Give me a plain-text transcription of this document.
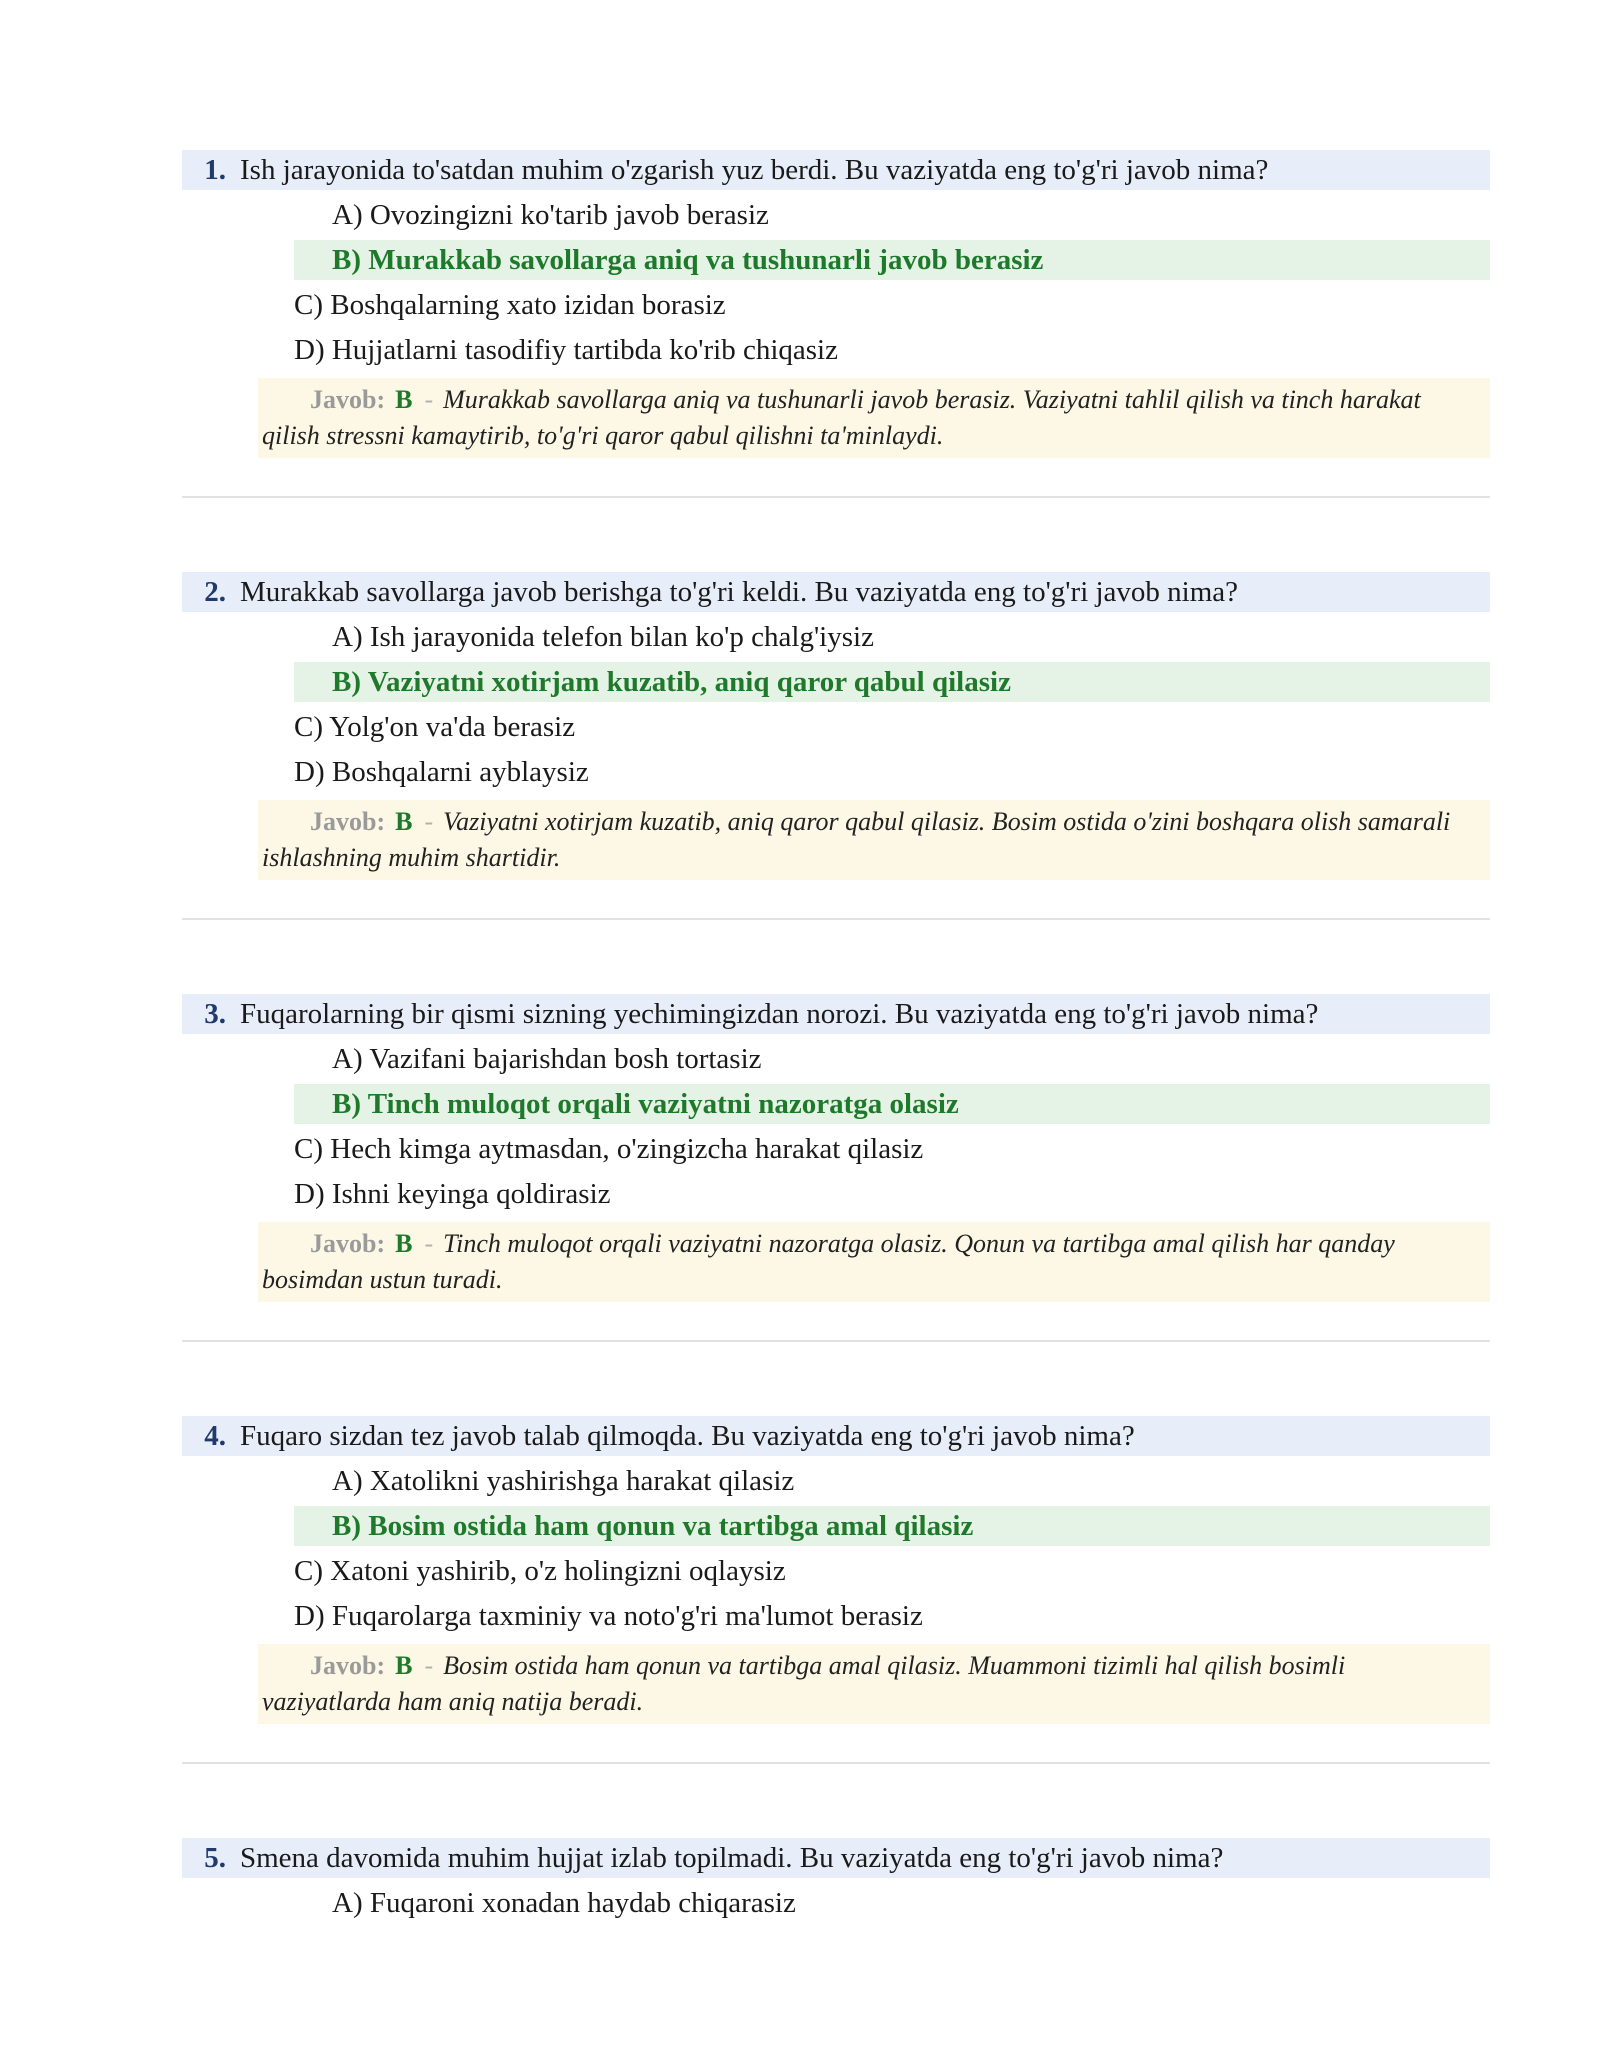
1. Ish jarayonida to'satdan muhim o'zgarish yuz berdi. Bu vaziyatda eng to'g'ri javob nima?
A) Ovozingizni ko'tarib javob berasiz
B) Murakkab savollarga aniq va tushunarli javob berasiz
C) Boshqalarning xato izidan borasiz
D) Hujjatlarni tasodifiy tartibda ko'rib chiqasiz
Javob: B - Murakkab savollarga aniq va tushunarli javob berasiz. Vaziyatni tahlil qilish va tinch harakat qilish stressni kamaytirib, to'g'ri qaror qabul qilishni ta'minlaydi.
2. Murakkab savollarga javob berishga to'g'ri keldi. Bu vaziyatda eng to'g'ri javob nima?
A) Ish jarayonida telefon bilan ko'p chalg'iysiz
B) Vaziyatni xotirjam kuzatib, aniq qaror qabul qilasiz
C) Yolg'on va'da berasiz
D) Boshqalarni ayblaysiz
Javob: B - Vaziyatni xotirjam kuzatib, aniq qaror qabul qilasiz. Bosim ostida o'zini boshqara olish samarali ishlashning muhim shartidir.
3. Fuqarolarning bir qismi sizning yechimingizdan norozi. Bu vaziyatda eng to'g'ri javob nima?
A) Vazifani bajarishdan bosh tortasiz
B) Tinch muloqot orqali vaziyatni nazoratga olasiz
C) Hech kimga aytmasdan, o'zingizcha harakat qilasiz
D) Ishni keyinga qoldirasiz
Javob: B - Tinch muloqot orqali vaziyatni nazoratga olasiz. Qonun va tartibga amal qilish har qanday bosimdan ustun turadi.
4. Fuqaro sizdan tez javob talab qilmoqda. Bu vaziyatda eng to'g'ri javob nima?
A) Xatolikni yashirishga harakat qilasiz
B) Bosim ostida ham qonun va tartibga amal qilasiz
C) Xatoni yashirib, o'z holingizni oqlaysiz
D) Fuqarolarga taxminiy va noto'g'ri ma'lumot berasiz
Javob: B - Bosim ostida ham qonun va tartibga amal qilasiz. Muammoni tizimli hal qilish bosimli vaziyatlarda ham aniq natija beradi.
5. Smena davomida muhim hujjat izlab topilmadi. Bu vaziyatda eng to'g'ri javob nima?
A) Fuqaroni xonadan haydab chiqarasiz
